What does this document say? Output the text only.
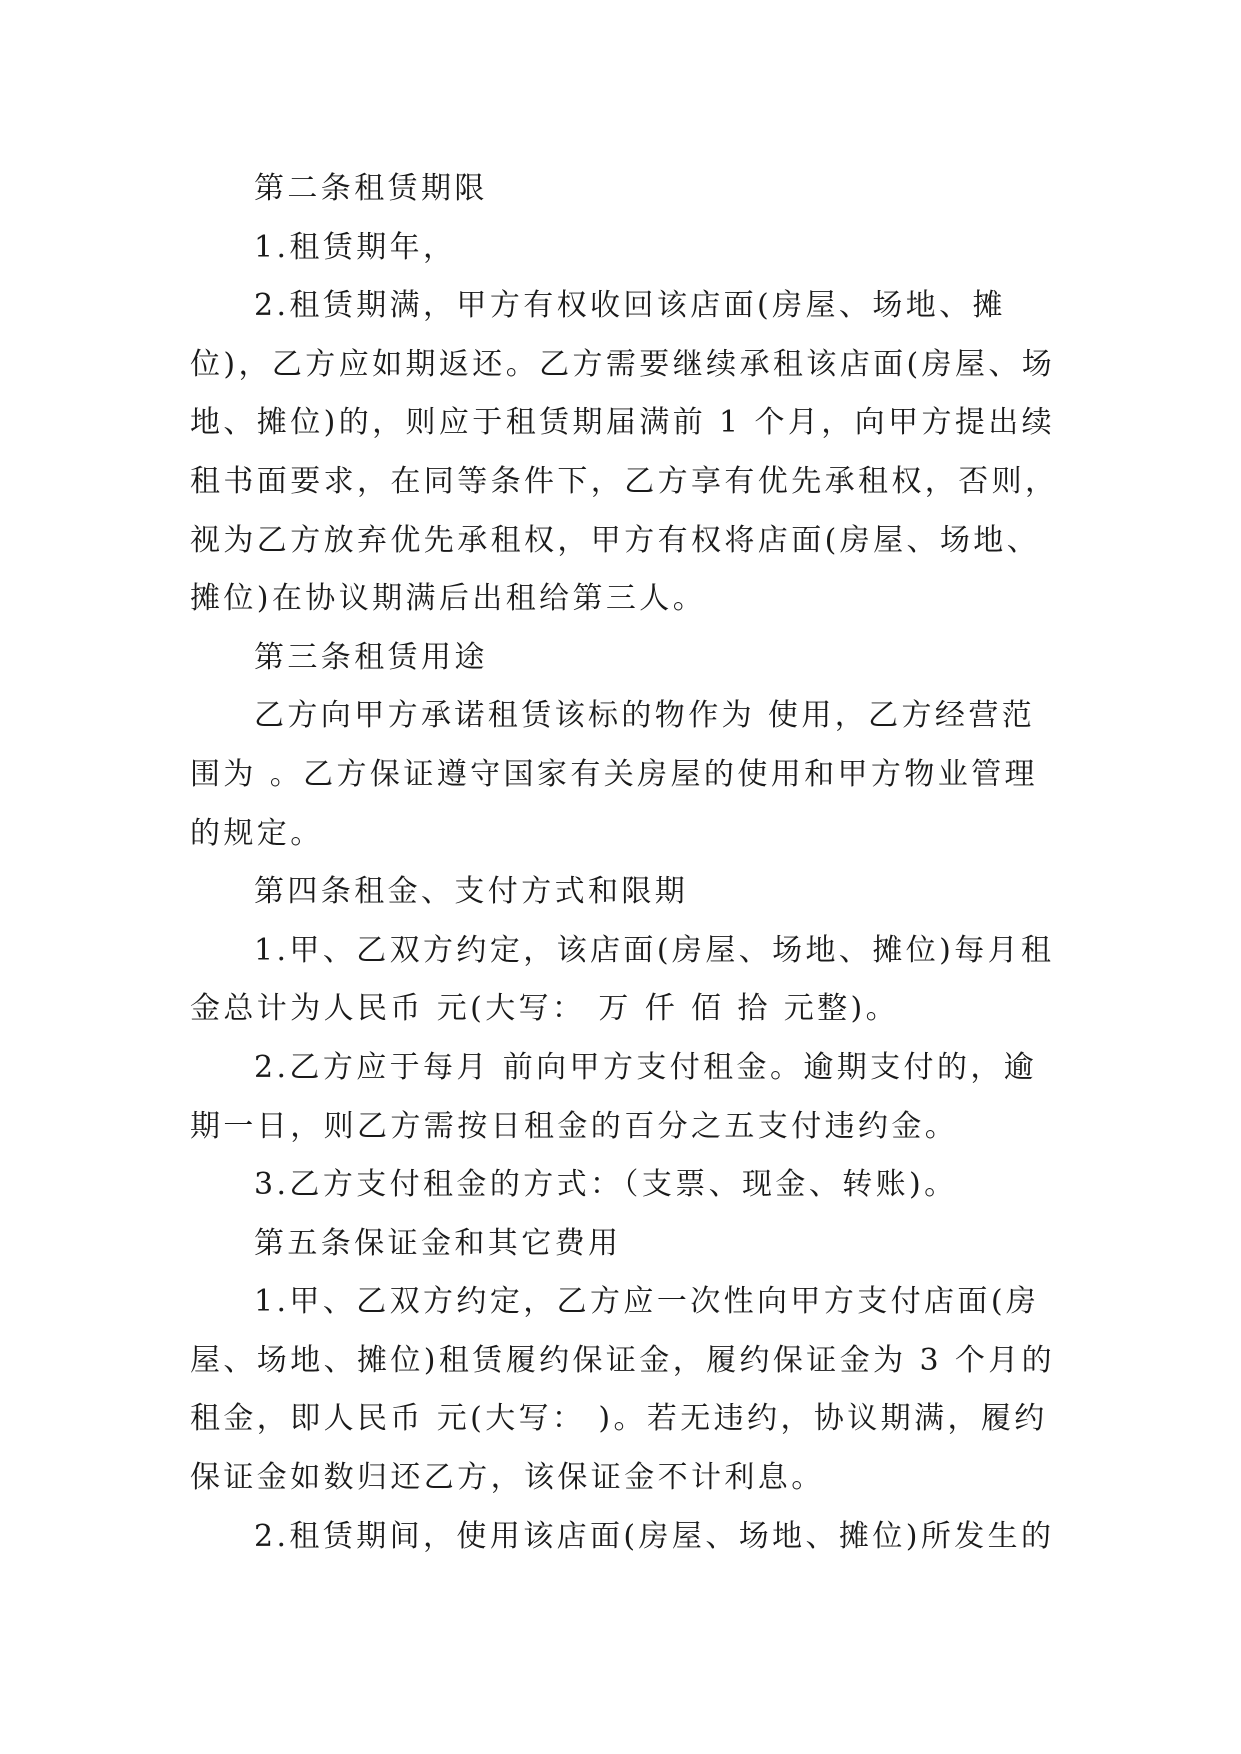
第二条租赁期限
1.租赁期年，
2.租赁期满，甲方有权收回该店面(房屋、场地、摊
位)，乙方应如期返还。乙方需要继续承租该店面(房屋、场
地、摊位)的，则应于租赁期届满前 1 个月，向甲方提出续
租书面要求，在同等条件下，乙方享有优先承租权，否则，
视为乙方放弃优先承租权，甲方有权将店面(房屋、场地、
摊位)在协议期满后出租给第三人。
第三条租赁用途
乙方向甲方承诺租赁该标的物作为 使用，乙方经营范
围为 。乙方保证遵守国家有关房屋的使用和甲方物业管理
的规定。
第四条租金、支付方式和限期
1.甲、乙双方约定，该店面(房屋、场地、摊位)每月租
金总计为人民币 元(大写： 万 仟 佰 拾 元整)。
2.乙方应于每月 前向甲方支付租金。逾期支付的，逾
期一日，则乙方需按日租金的百分之五支付违约金。
3.乙方支付租金的方式：（支票、现金、转账)。
第五条保证金和其它费用
1.甲、乙双方约定，乙方应一次性向甲方支付店面(房
屋、场地、摊位)租赁履约保证金，履约保证金为 3 个月的
租金，即人民币 元(大写： )。若无违约，协议期满，履约
保证金如数归还乙方，该保证金不计利息。
2.租赁期间，使用该店面(房屋、场地、摊位)所发生的
